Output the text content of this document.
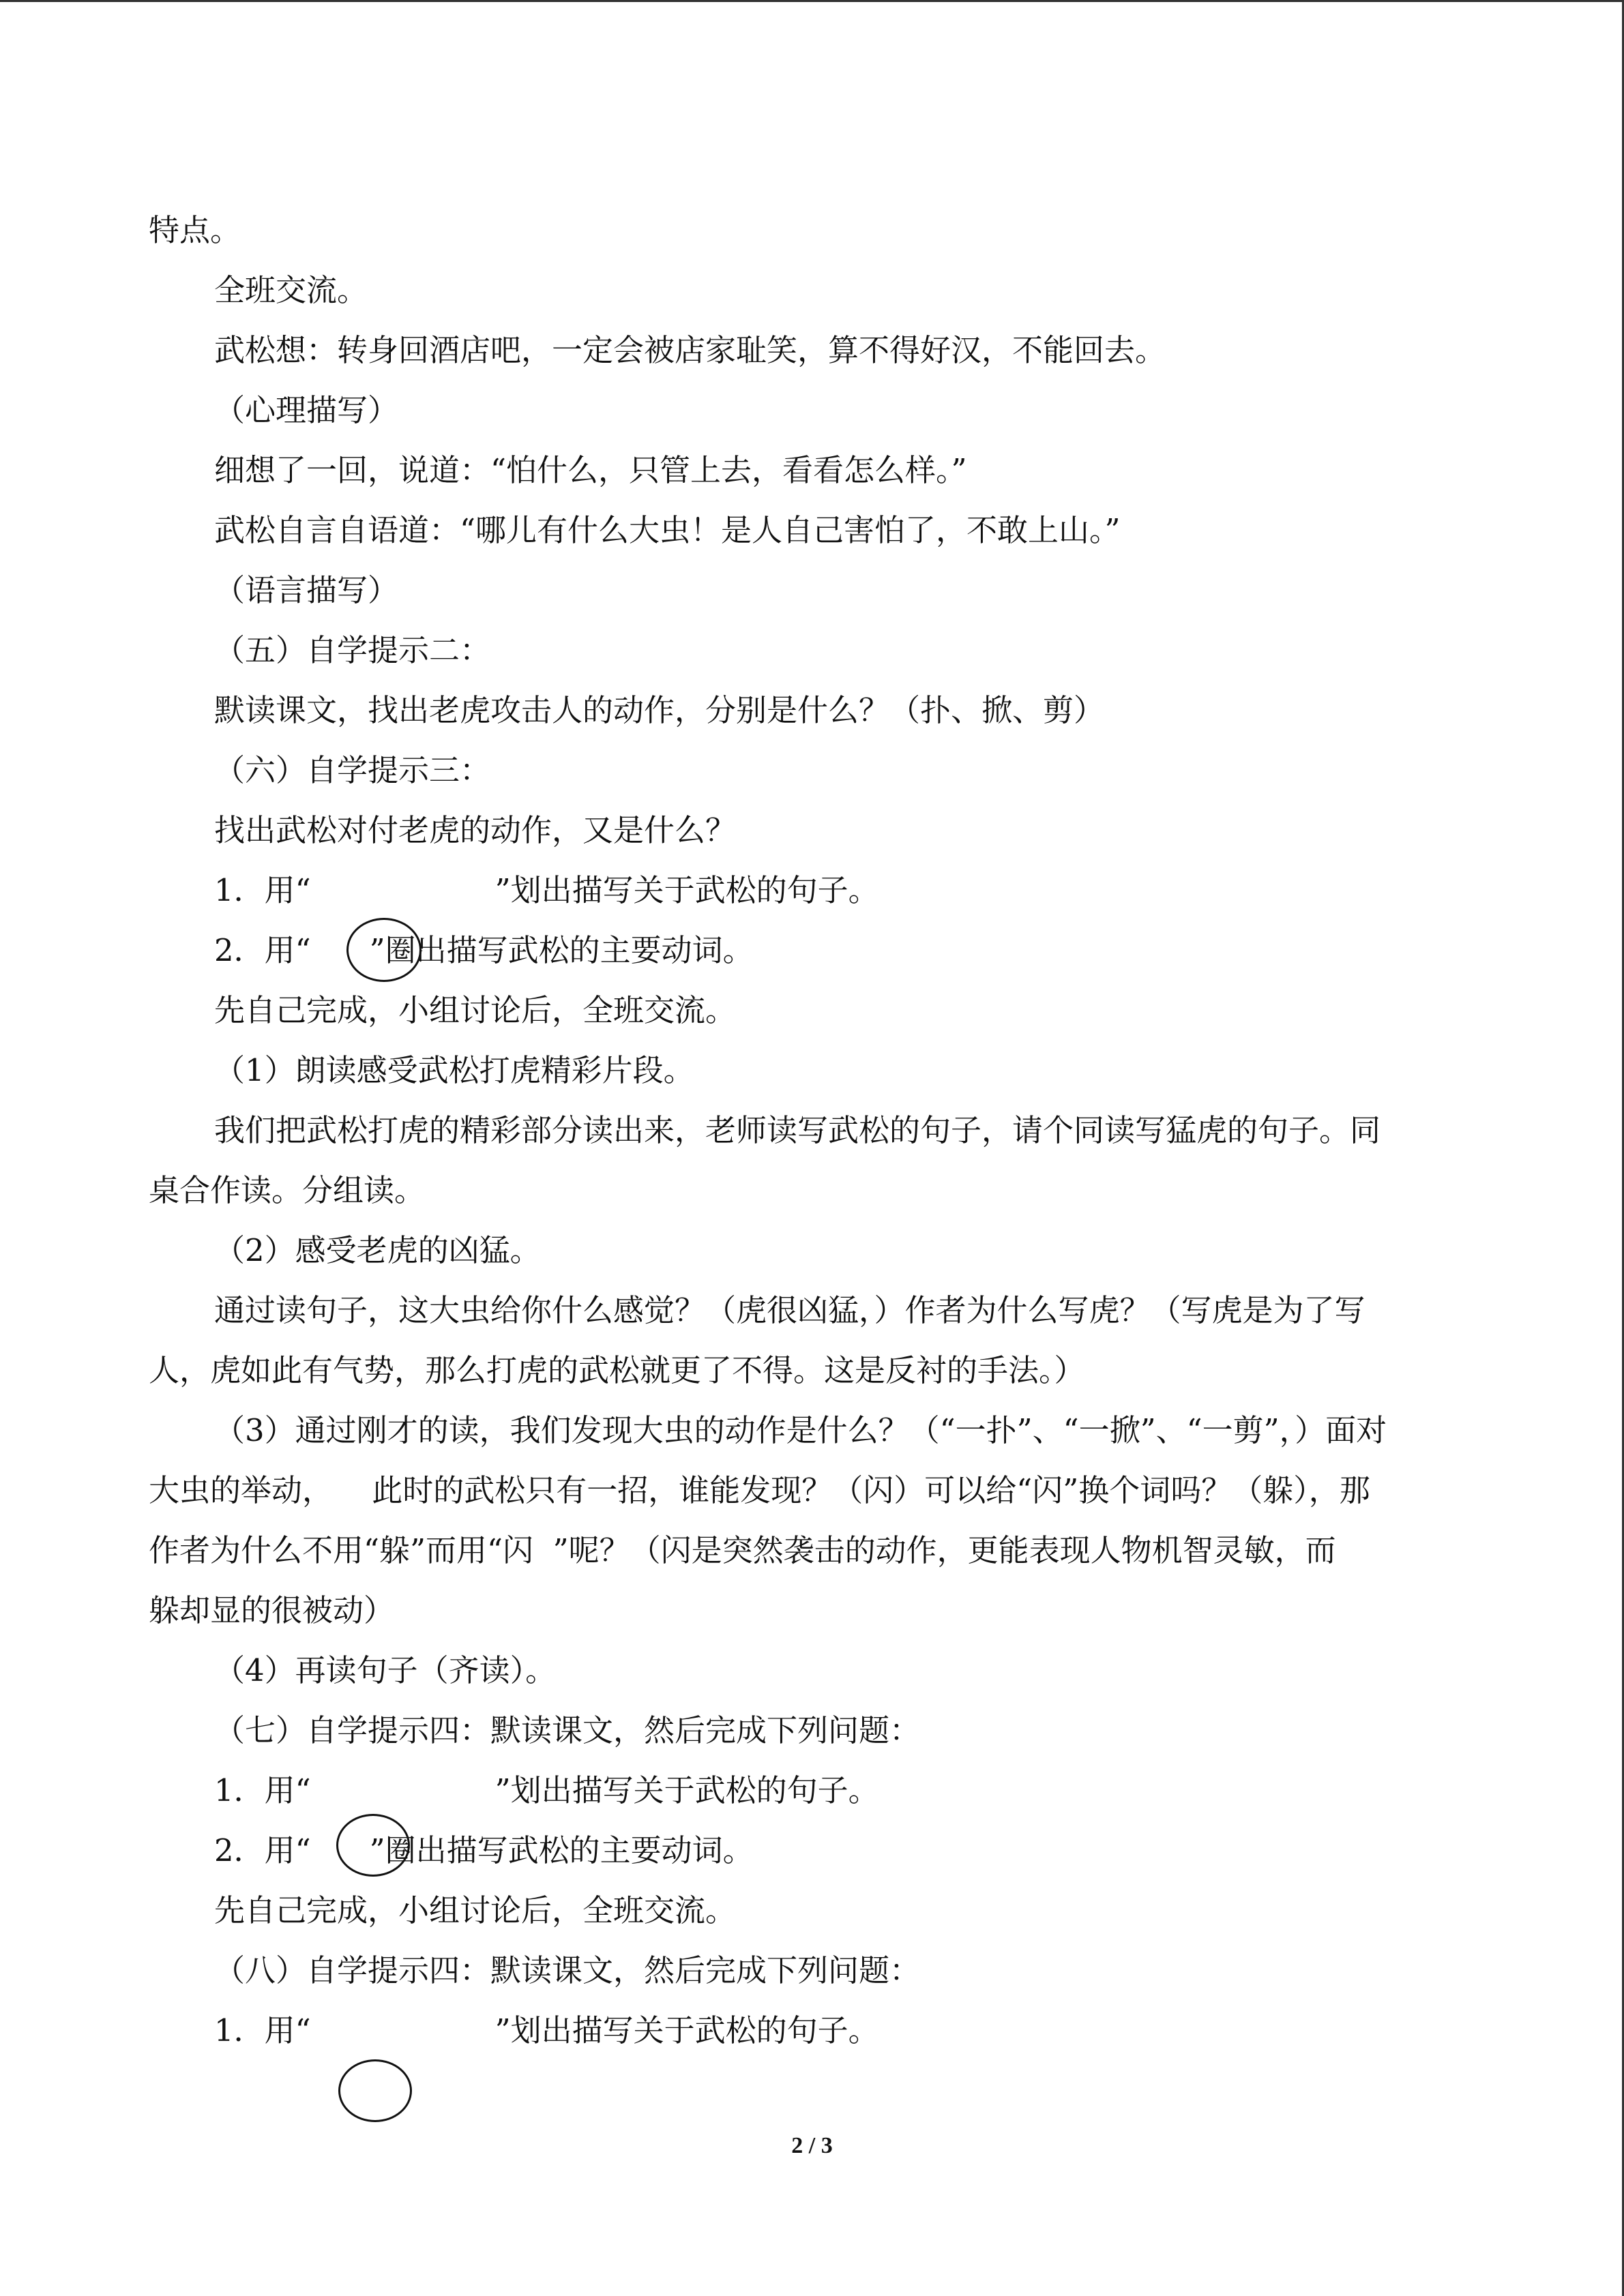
特点。
全班交流。
武松想：转身回酒店吧，一定会被店家耻笑，算不得好汉，不能回去。
（心理描写）
细想了一回，说道：“怕什么，只管上去，看看怎么样。”
武松自言自语道：“哪儿有什么大虫！是人自己害怕了，不敢上山。”
（语言描写）
（五）自学提示二：
默读课文，找出老虎攻击人的动作，分别是什么？（扑、掀、剪）
（六）自学提示三：
找出武松对付老虎的动作，又是什么？
1．用“	”划出描写关于武松的句子。
2．用“ ”圈出描写武松的主要动词。
先自己完成，小组讨论后，全班交流。
（1）朗读感受武松打虎精彩片段。
我们把武松打虎的精彩部分读出来，老师读写武松的句子，请个同读写猛虎的句子。同
桌合作读。分组读。
（2）感受老虎的凶猛。
通过读句子，这大虫给你什么感觉？（虎很凶猛，）作者为什么写虎？（写虎是为了写
人，虎如此有气势，那么打虎的武松就更了不得。这是反衬的手法。）
（3）通过刚才的读，我们发现大虫的动作是什么？（“一扑”、“一掀”、“一剪”，）面对
大虫的举动，    此时的武松只有一招，谁能发现？（闪）可以给“闪”换个词吗？（躲），那
作者为什么不用“躲”而用“闪  ”呢？（闪是突然袭击的动作，更能表现人物机智灵敏，而
躲却显的很被动）
（4）再读句子（齐读）。
（七）自学提示四：默读课文，然后完成下列问题：
1．用“	”划出描写关于武松的句子。
2．用“ ”圈出描写武松的主要动词。
先自己完成，小组讨论后，全班交流。
（八）自学提示四：默读课文，然后完成下列问题：
1．用“	”划出描写关于武松的句子。
2 / 3
